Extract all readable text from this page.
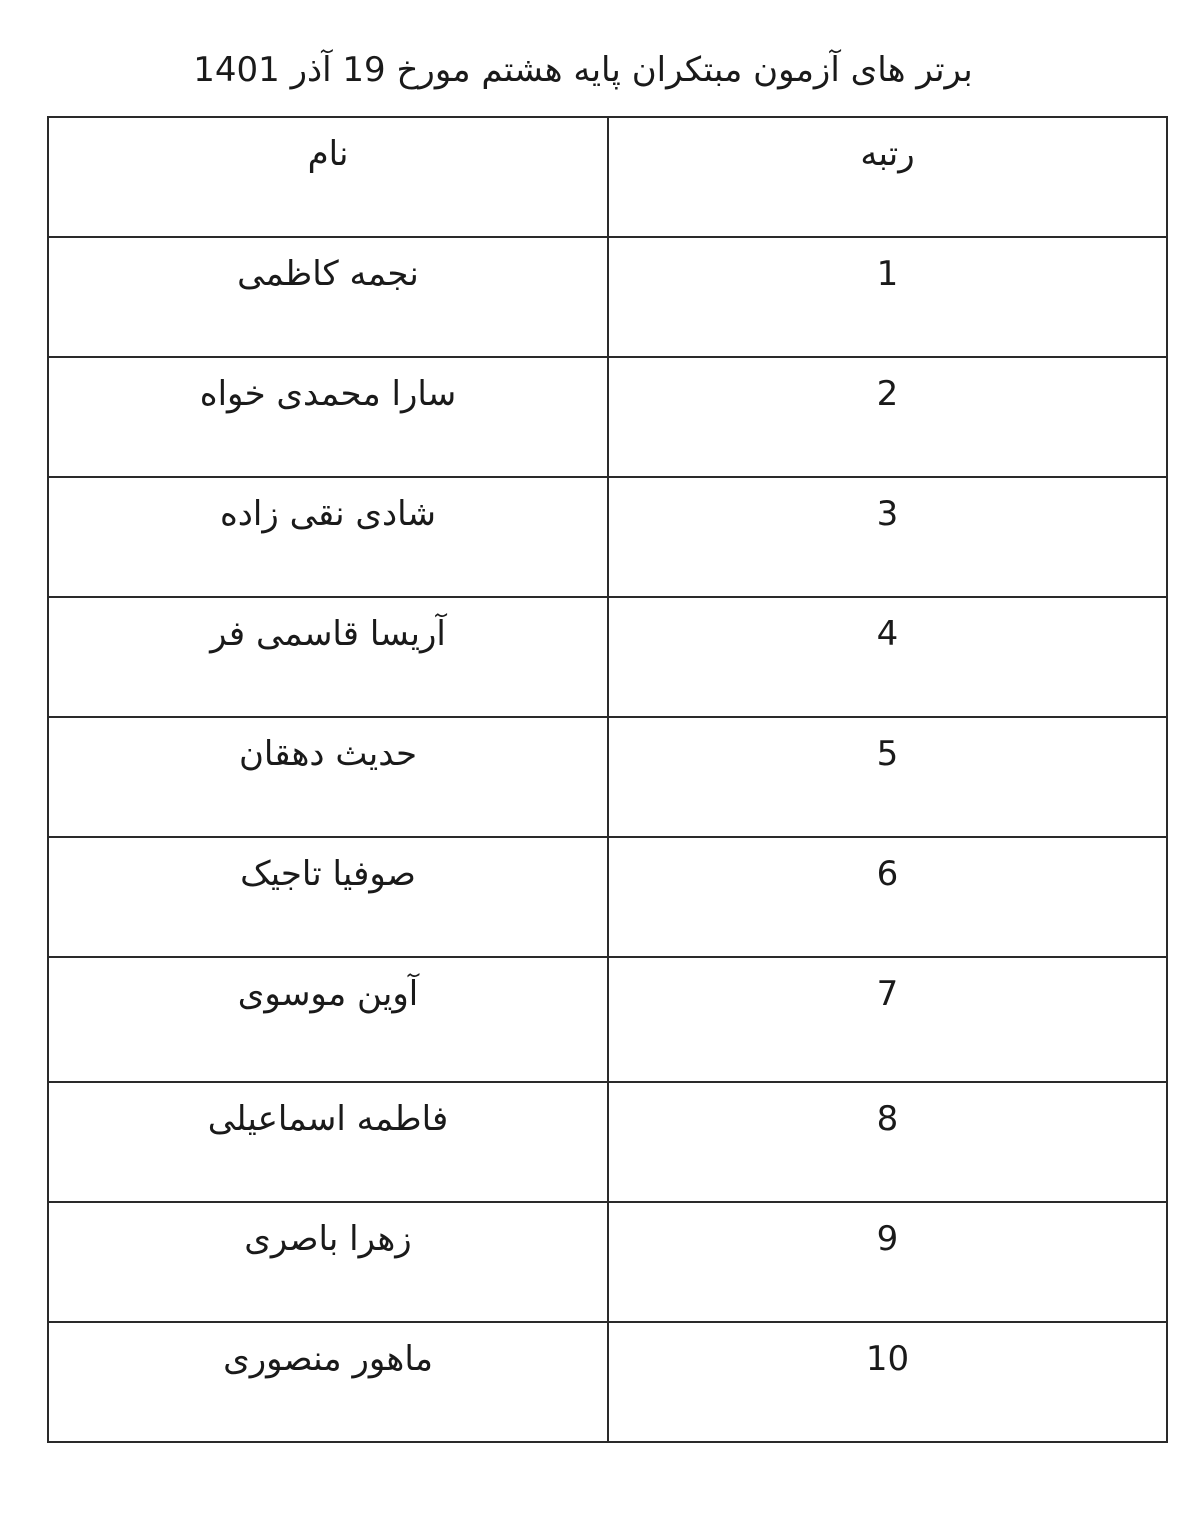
برتر های آزمون مبتکران پایه هشتم مورخ 19 آذر 1401
رتبه	نام
1	نجمه کاظمی
2	سارا محمدی خواه
3	شادی نقی زاده
4	آریسا قاسمی فر
5	حدیث دهقان
6	صوفیا تاجیک
7	آوین موسوی
8	فاطمه اسماعیلی
9	زهرا باصری
10	ماهور منصوری
